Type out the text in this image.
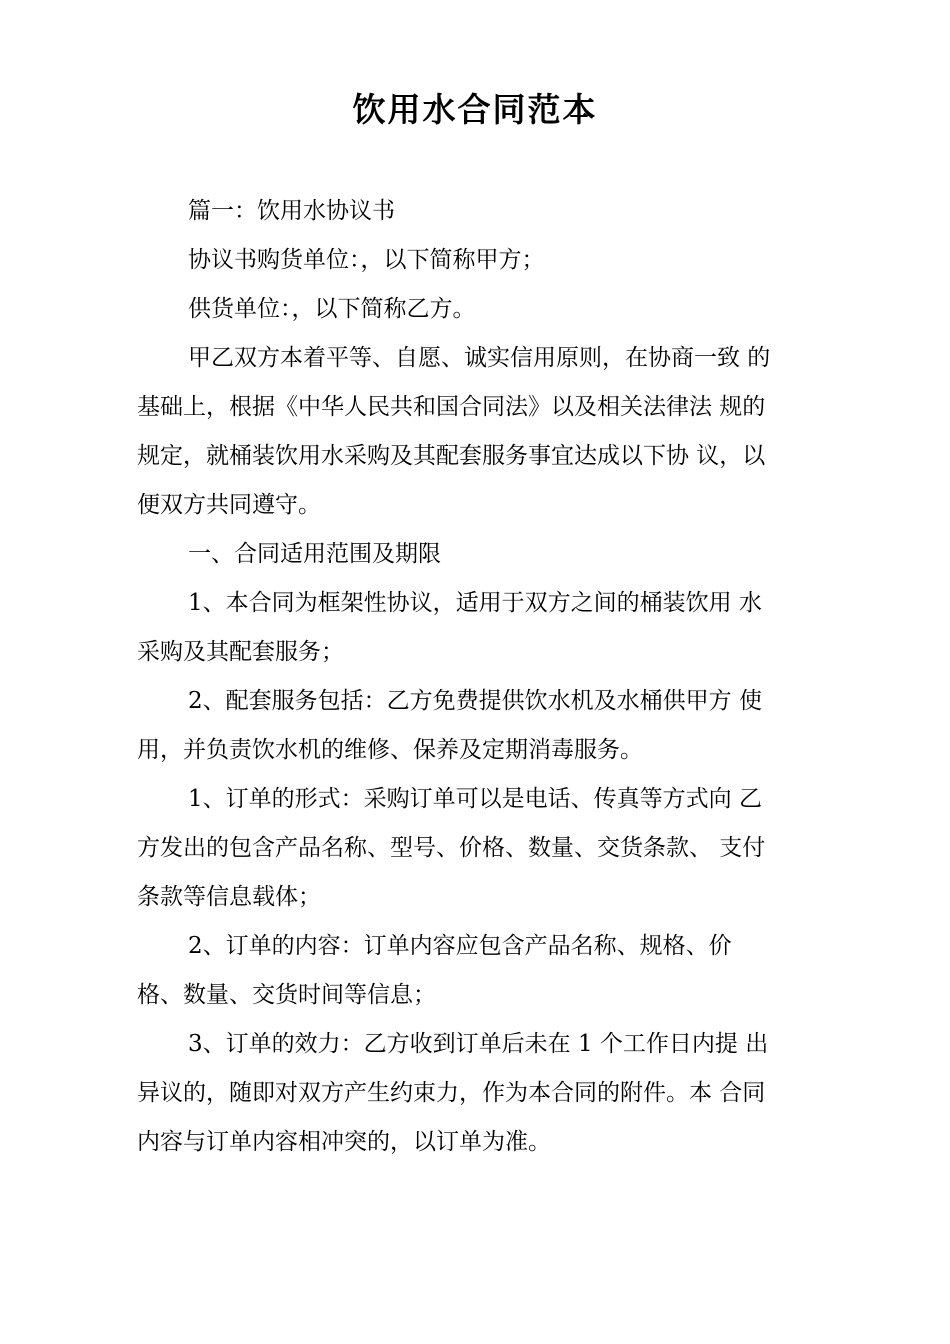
饮用水合同范本

篇一：饮用水协议书

协议书购货单位：，以下简称甲方；

供货单位：，以下简称乙方。

甲乙双方本着平等、自愿、诚实信用原则，在协商一致 的

基础上，根据《中华人民共和国合同法》以及相关法律法 规的

规定，就桶装饮用水采购及其配套服务事宜达成以下协 议，以

便双方共同遵守。

一、合同适用范围及期限

1、本合同为框架性协议，适用于双方之间的桶装饮用 水

采购及其配套服务；

2、配套服务包括：乙方免费提供饮水机及水桶供甲方 使

用，并负责饮水机的维修、保养及定期消毒服务。

1、订单的形式：采购订单可以是电话、传真等方式向 乙

方发出的包含产品名称、型号、价格、数量、交货条款、 支付

条款等信息载体；

2、订单的内容：订单内容应包含产品名称、规格、价

格、数量、交货时间等信息；

3、订单的效力：乙方收到订单后未在 1 个工作日内提 出

异议的，随即对双方产生约束力，作为本合同的附件。本 合同

内容与订单内容相冲突的，以订单为准。
